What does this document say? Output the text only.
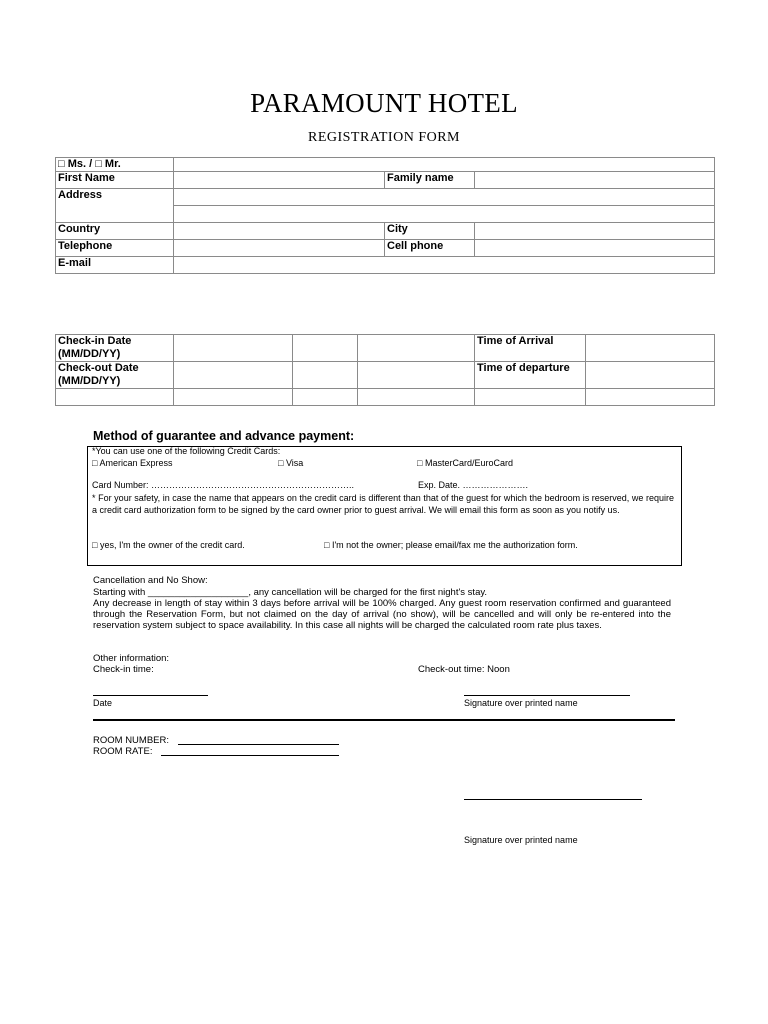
PARAMOUNT HOTEL
REGISTRATION FORM
□ Ms. / □ Mr.			
First Name		Family name	
Address			

Country		City	
Telephone		Cell phone	
E-mail			
Check-in Date
(MM/DD/YY)				Time of Arrival	

Check-out Date
(MM/DD/YY)				Time of departure	

Method of guarantee and advance payment:
*You can use one of the following Credit Cards:
□ American Express □	Visa □	MasterCard/EuroCard
Card Number: …………………………………………………………..	Exp. Date. ………………….
* For your safety, in case the name that appears on the credit card is different than that of the guest for which the bedroom is reserved, we require a credit card authorization form to be signed by the card owner prior to guest arrival. We will email this form as soon as you notify us.
□ yes, I'm the owner of the credit card. □	I'm not the owner; please email/fax me the authorization form.
Cancellation and No Show:
Starting with ___________________, any cancellation will be charged for the first night's stay.
Any decrease in length of stay within 3 days before arrival will be 100% charged. Any guest room reservation confirmed and guaranteed through the Reservation Form, but not claimed on the day of arrival (no show), will be cancelled and will only be re-entered into the reservation system subject to space availability. In this case all nights will be charged the calculated room rate plus taxes.
Other information:
Check-in time:	Check-out time: Noon
Date	Signature over printed name
ROOM NUMBER:
ROOM RATE:
Signature over printed name
